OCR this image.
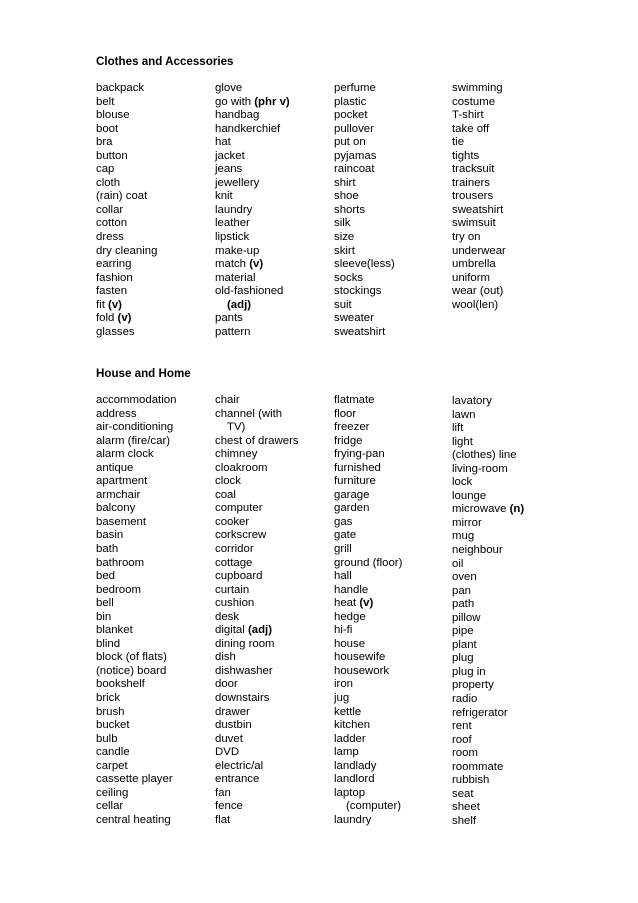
Clothes and Accessories
backpack
belt
blouse
boot
bra
button
cap
cloth
(rain) coat
collar
cotton
dress
dry cleaning
earring
fashion
fasten
fit (v)
fold (v)
glasses
glove
go with (phr v)
handbag
handkerchief
hat
jacket
jeans
jewellery
knit
laundry
leather
lipstick
make-up
match (v)
material
old-fashioned
(adj)
pants
pattern
perfume
plastic
pocket
pullover
put on
pyjamas
raincoat
shirt
shoe
shorts
silk
size
skirt
sleeve(less)
socks
stockings
suit
sweater
sweatshirt
swimming
costume
T-shirt
take off
tie
tights
tracksuit
trainers
trousers
sweatshirt
swimsuit
try on
underwear
umbrella
uniform
wear (out)
wool(len)
House and Home
accommodation
address
air-conditioning
alarm (fire/car)
alarm clock
antique
apartment
armchair
balcony
basement
basin
bath
bathroom
bed
bedroom
bell
bin
blanket
blind
block (of flats)
(notice) board
bookshelf
brick
brush
bucket
bulb
candle
carpet
cassette player
ceiling
cellar
central heating
chair
channel (with
TV)
chest of drawers
chimney
cloakroom
clock
coal
computer
cooker
corkscrew
corridor
cottage
cupboard
curtain
cushion
desk
digital (adj)
dining room
dish
dishwasher
door
downstairs
drawer
dustbin
duvet
DVD
electric/al
entrance
fan
fence
flat
flatmate
floor
freezer
fridge
frying-pan
furnished
furniture
garage
garden
gas
gate
grill
ground (floor)
hall
handle
heat (v)
hedge
hi-fi
house
housewife
housework
iron
jug
kettle
kitchen
ladder
lamp
landlady
landlord
laptop
(computer)
laundry
lavatory
lawn
lift
light
(clothes) line
living-room
lock
lounge
microwave (n)
mirror
mug
neighbour
oil
oven
pan
path
pillow
pipe
plant
plug
plug in
property
radio
refrigerator
rent
roof
room
roommate
rubbish
seat
sheet
shelf
